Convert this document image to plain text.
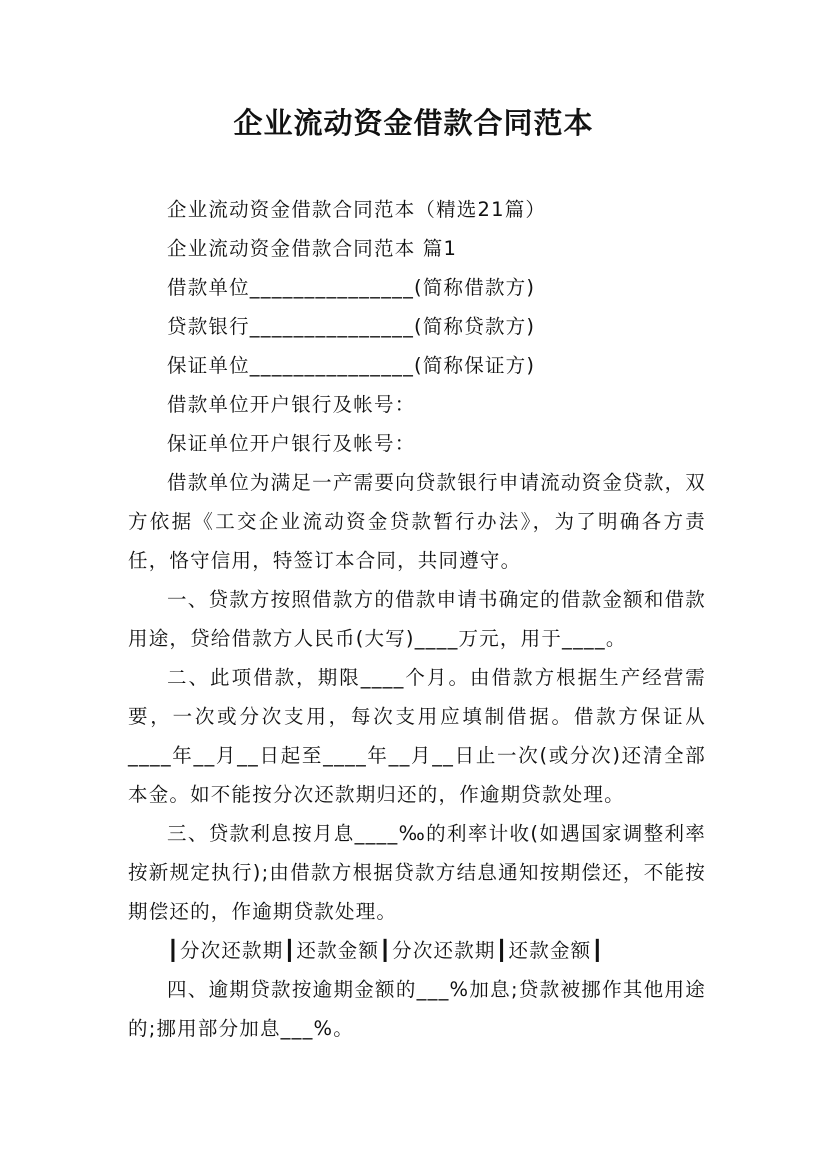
企业流动资金借款合同范本

企业流动资金借款合同范本（精选21篇）

企业流动资金借款合同范本 篇1

借款单位_______________(简称借款方)

贷款银行_______________(简称贷款方)

保证单位_______________(简称保证方)

借款单位开户银行及帐号：

保证单位开户银行及帐号：

借款单位为满足一产需要向贷款银行申请流动资金贷款，双方依据《工交企业流动资金贷款暂行办法》，为了明确各方责任，恪守信用，特签订本合同，共同遵守。

一、贷款方按照借款方的借款申请书确定的借款金额和借款用途，贷给借款方人民币(大写)____万元，用于____。

二、此项借款，期限____个月。由借款方根据生产经营需要，一次或分次支用，每次支用应填制借据。借款方保证从____年__月__日起至____年__月__日止一次(或分次)还清全部本金。如不能按分次还款期归还的，作逾期贷款处理。

三、贷款利息按月息____‰的利率计收(如遇国家调整利率按新规定执行);由借款方根据贷款方结息通知按期偿还，不能按期偿还的，作逾期贷款处理。

┃分次还款期┃还款金额┃分次还款期┃还款金额┃

四、逾期贷款按逾期金额的___%加息;贷款被挪作其他用途的;挪用部分加息___%。
